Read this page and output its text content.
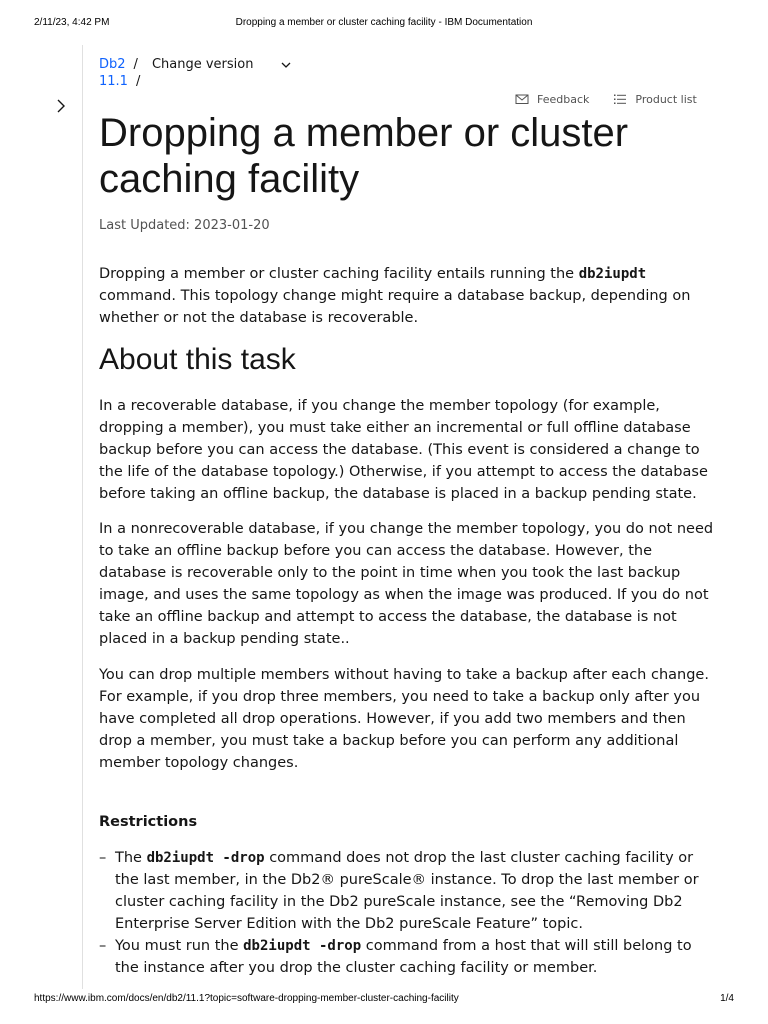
2/11/23, 4:42 PM	Dropping a member or cluster caching facility - IBM Documentation
Db2 / Change version
11.1 /
Feedback	Product list
Dropping a member or cluster caching facility
Last Updated: 2023-01-20

Dropping a member or cluster caching facility entails running the db2iupdt command. This topology change might require a database backup, depending on whether or not the database is recoverable.

About this task

In a recoverable database, if you change the member topology (for example, dropping a member), you must take either an incremental or full offline database backup before you can access the database. (This event is considered a change to the life of the database topology.) Otherwise, if you attempt to access the database before taking an offline backup, the database is placed in a backup pending state.

In a nonrecoverable database, if you change the member topology, you do not need to take an offline backup before you can access the database. However, the database is recoverable only to the point in time when you took the last backup image, and uses the same topology as when the image was produced. If you do not take an offline backup and attempt to access the database, the database is not placed in a backup pending state..

You can drop multiple members without having to take a backup after each change. For example, if you drop three members, you need to take a backup only after you have completed all drop operations. However, if you add two members and then drop a member, you must take a backup before you can perform any additional member topology changes.

Restrictions

– The db2iupdt -drop command does not drop the last cluster caching facility or the last member, in the Db2® pureScale® instance. To drop the last member or cluster caching facility in the Db2 pureScale instance, see the “Removing Db2 Enterprise Server Edition with the Db2 pureScale Feature” topic.
– You must run the db2iupdt -drop command from a host that will still belong to the instance after you drop the cluster caching facility or member.
https://www.ibm.com/docs/en/db2/11.1?topic=software-dropping-member-cluster-caching-facility	1/4
